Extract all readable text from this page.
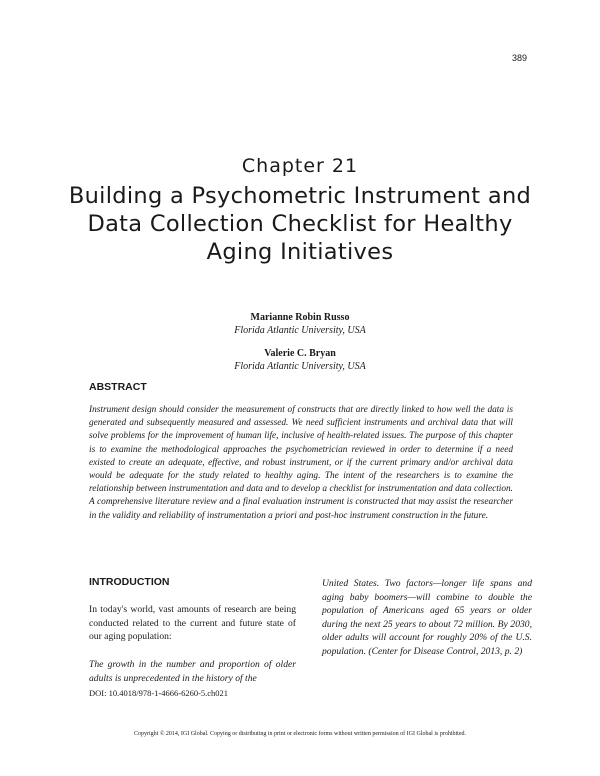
389
Chapter 21
Building a Psychometric Instrument and Data Collection Checklist for Healthy Aging Initiatives
Marianne Robin Russo
Florida Atlantic University, USA
Valerie C. Bryan
Florida Atlantic University, USA
ABSTRACT
Instrument design should consider the measurement of constructs that are directly linked to how well the data is generated and subsequently measured and assessed. We need sufficient instruments and archival data that will solve problems for the improvement of human life, inclusive of health-related issues. The purpose of this chapter is to examine the methodological approaches the psychometrician reviewed in order to determine if a need existed to create an adequate, effective, and robust instrument, or if the current primary and/or archival data would be adequate for the study related to healthy aging. The intent of the researchers is to examine the relationship between instrumentation and data and to develop a checklist for instrumentation and data collection. A comprehensive literature review and a final evaluation instrument is constructed that may assist the researcher in the validity and reliability of instrumentation a priori and post-hoc instrument construction in the future.
INTRODUCTION
In today's world, vast amounts of research are being conducted related to the current and future state of our aging population:
The growth in the number and proportion of older adults is unprecedented in the history of the
DOI: 10.4018/978-1-4666-6260-5.ch021
United States. Two factors—longer life spans and aging baby boomers—will combine to double the population of Americans aged 65 years or older during the next 25 years to about 72 million. By 2030, older adults will account for roughly 20% of the U.S. population. (Center for Disease Control, 2013, p. 2)
Copyright © 2014, IGI Global. Copying or distributing in print or electronic forms without written permission of IGI Global is prohibited.
